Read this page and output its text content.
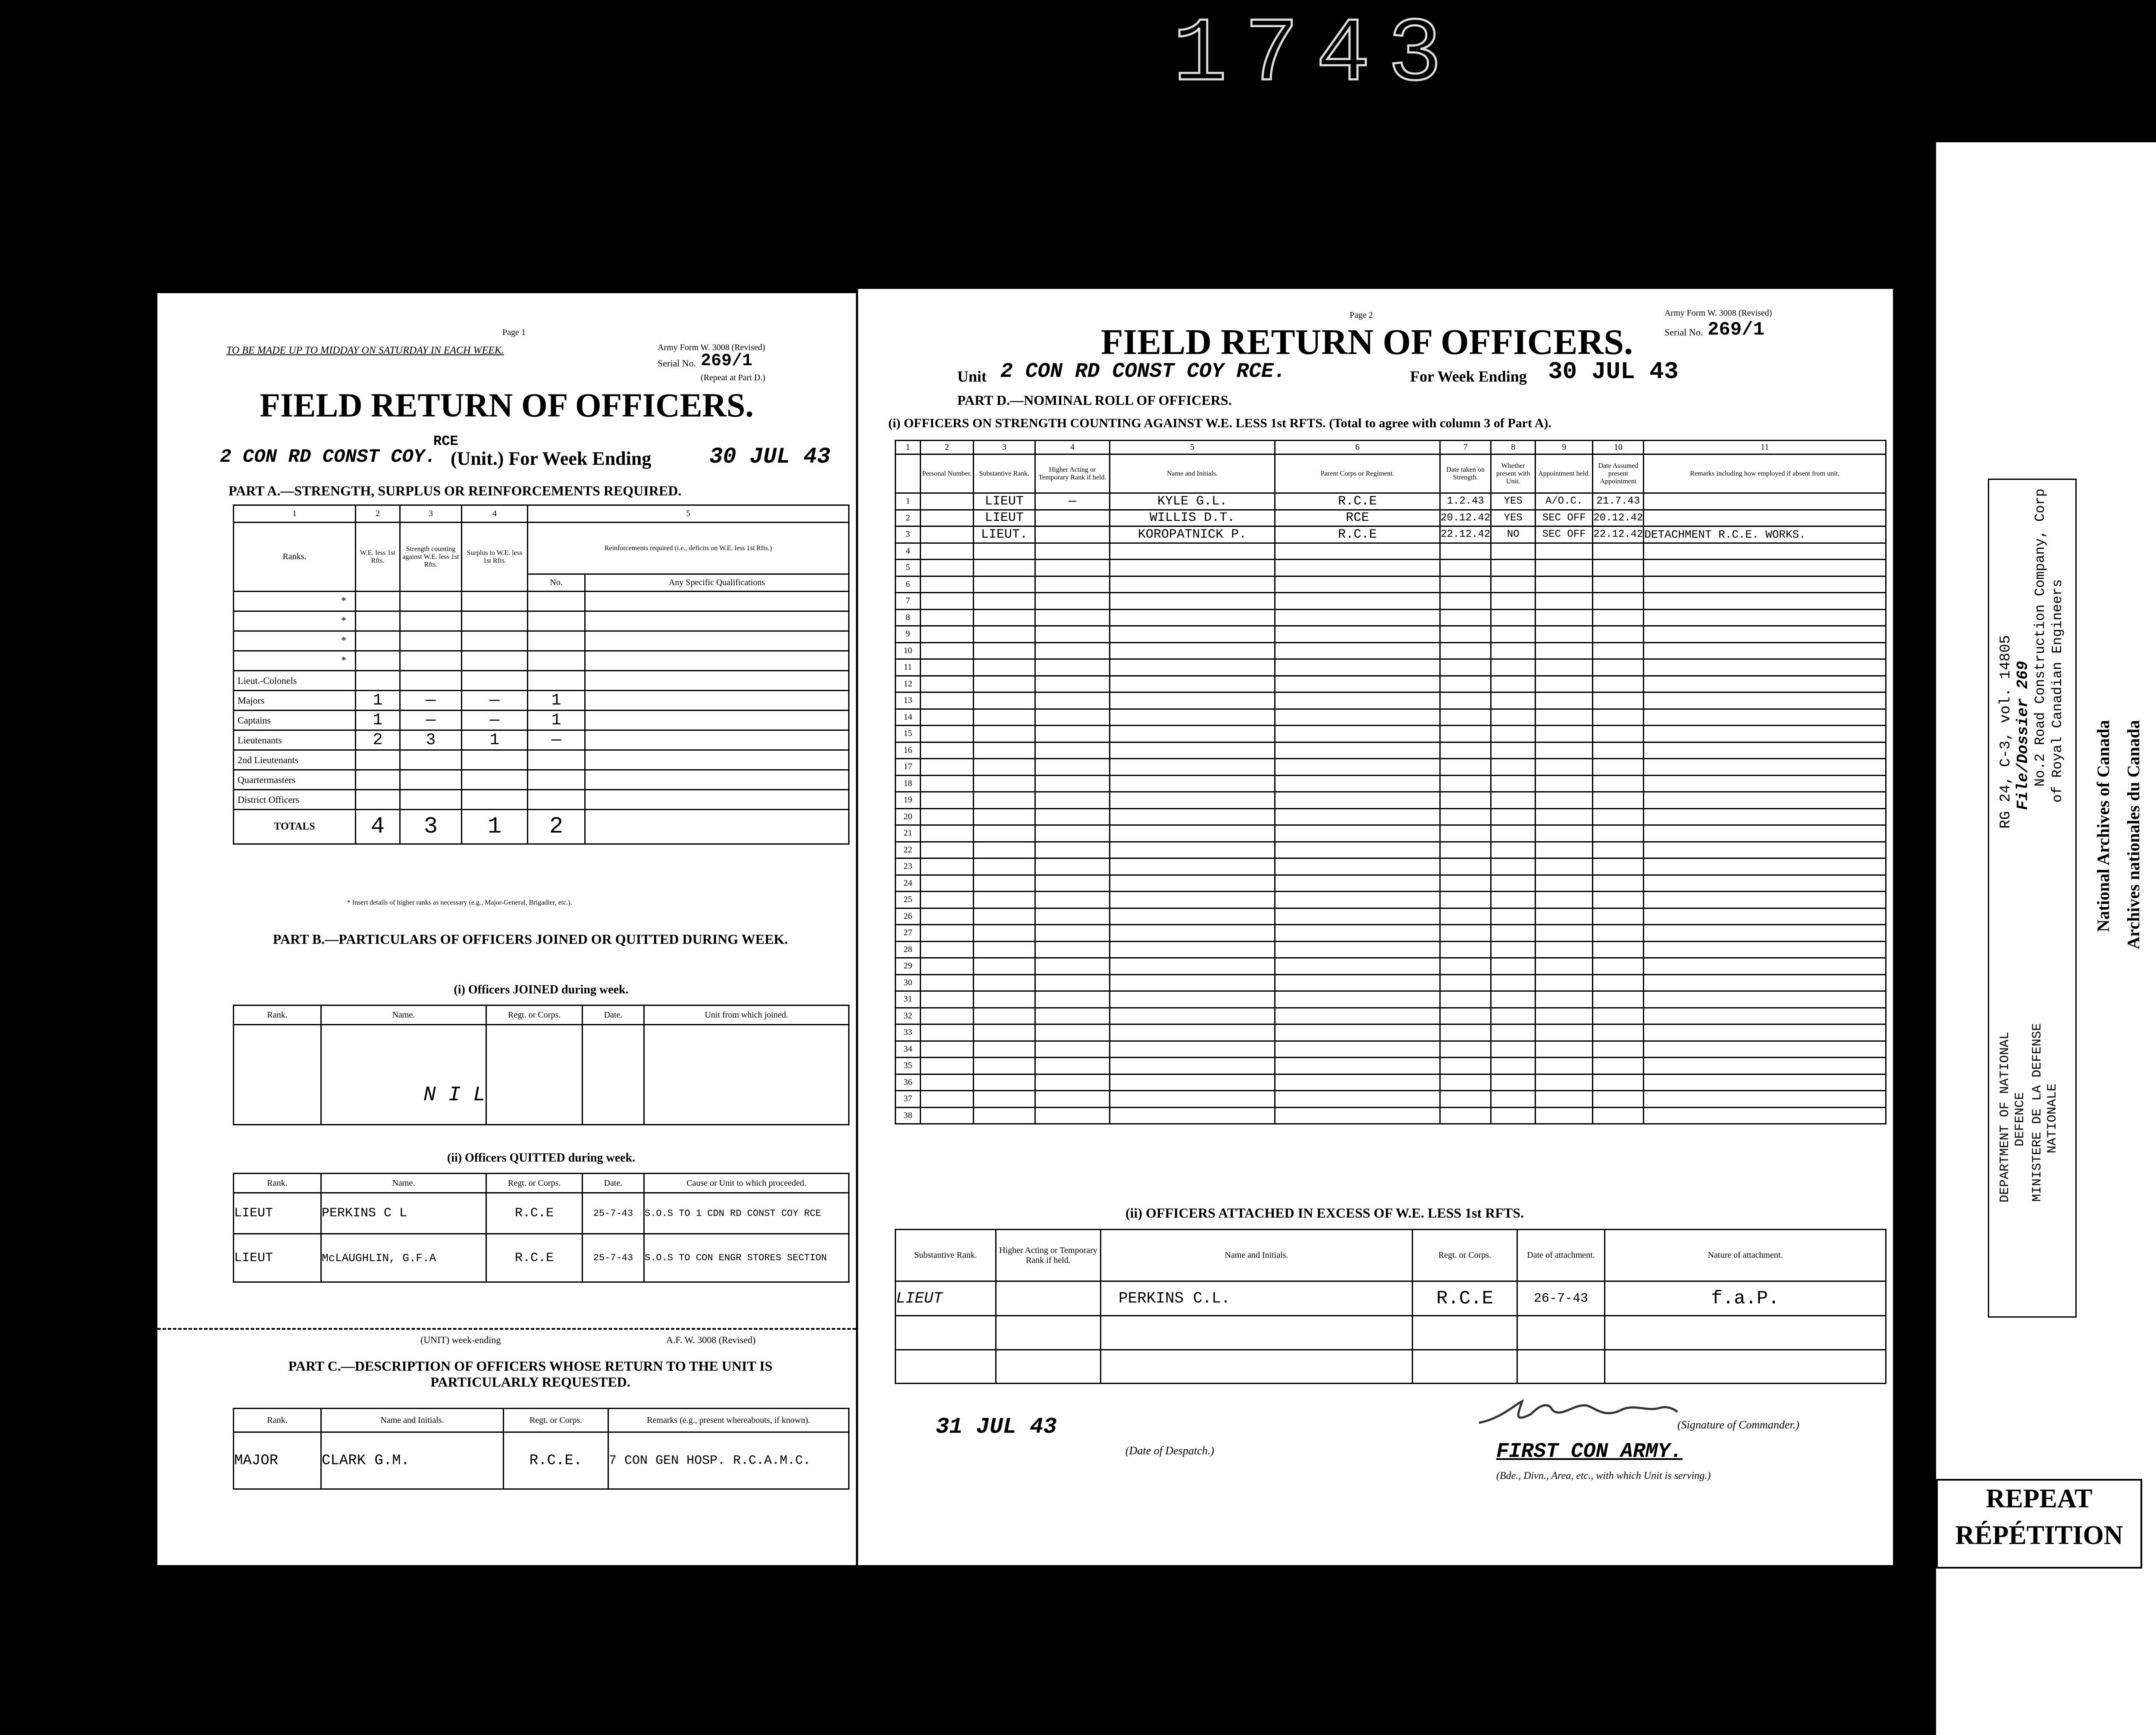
1743
Page 1
TO BE MADE UP TO MIDDAY ON SATURDAY IN EACH WEEK.	Army Form W. 3008 (Revised)
Serial No. 269/1
(Repeat at Part D.)
FIELD RETURN OF OFFICERS.
2 CON RD CONST COY.
RCE
(Unit.) For Week Ending	30 JUL 43
PART A.—STRENGTH, SURPLUS OR REINFORCEMENTS REQUIRED.
1	2	3	4	5	
Ranks.	W.E. less 1st Rfts.	Strength counting against W.E. less 1st Rfts.	Surplus to W.E. less 1st Rfts.	Reinforcements required (i.e., deficits on W.E. less 1st Rfts.)	
				No.	Any Specific Qualifications
*					
*					
*					
*					
Lieut.-Colonels					
Majors	1	—	—	1	
Captains	1	—	—	1	
Lieutenants	2	3	1	—	
2nd Lieutenants					
Quartermasters					
District Officers					
TOTALS	4	3	1	2	
* Insert details of higher ranks as necessary (e.g., Major-General, Brigadier, etc.).
PART B.—PARTICULARS OF OFFICERS JOINED OR QUITTED DURING WEEK.
(i) Officers JOINED during week.
Rank.	Name.	Regt. or Corps.	Date.	Unit from which joined.
	N I L			
(ii) Officers QUITTED during week.
Rank.	Name.	Regt. or Corps.	Date.	Cause or Unit to which proceeded.
LIEUT	PERKINS C L	R.C.E	25-7-43	S.O.S TO 1 CDN RD CONST COY RCE
LIEUT	McLAUGHLIN, G.F.A	R.C.E	25-7-43	S.O.S TO CON ENGR STORES SECTION
(UNIT) week-ending	A.F. W. 3008 (Revised)
PART C.—DESCRIPTION OF OFFICERS WHOSE RETURN TO THE UNIT IS PARTICULARLY REQUESTED.
Rank.	Name and Initials.	Regt. or Corps.	Remarks (e.g., present whereabouts, if known).
MAJOR	CLARK G.M.	R.C.E.	7 CON GEN HOSP. R.C.A.M.C.
Page 2	Army Form W. 3008 (Revised)
Serial No. 269/1
FIELD RETURN OF OFFICERS.
Unit 2 CON RD CONST COY RCE.	For Week Ending 30 JUL 43
PART D.—NOMINAL ROLL OF OFFICERS.
(i) OFFICERS ON STRENGTH COUNTING AGAINST W.E. LESS 1st RFTS. (Total to agree with column 3 of Part A).
1	2	3	4	5	6	7	8	9	10	11
	Personal Number.	Substantive Rank.	Higher Acting or Temporary Rank if held.	Name and Initials.	Parent Corps or Regiment.	Date taken on Strength.	Whether present with Unit.	Appointment held.	Date Assumed present Appointment	Remarks including how employed if absent from unit.
1		LIEUT	—	KYLE G.L.	R.C.E	1.2.43	YES	A/O.C.	21.7.43	
2		LIEUT		WILLIS D.T.	RCE	20.12.42	YES	SEC OFF	20.12.42	
3		LIEUT.		KOROPATNICK P.	R.C.E	22.12.42	NO	SEC OFF	22.12.42	DETACHMENT R.C.E. WORKS.
4										
5										
6										
7										
8										
9										
10										
11										
12										
13										
14										
15										
16										
17										
18										
19										
20										
21										
22										
23										
24										
25										
26										
27										
28										
29										
30										
31										
32										
33										
34										
35										
36										
37										
38										
(ii) OFFICERS ATTACHED IN EXCESS OF W.E. LESS 1st RFTS.
Substantive Rank.	Higher Acting or Temporary Rank if held.	Name and Initials.	Regt. or Corps.	Date of attachment.	Nature of attachment.
LIEUT		PERKINS C.L.	R.C.E	26-7-43	f.a.P.

31 JUL 43
(Date of Despatch.)
(Signature of Commander.)
FIRST CON ARMY.
(Bde., Divn., Area, etc., with which Unit is serving.)
RG 24, C-3, vol. 14805 File/Dossier 269 No.2 Road Construction Company, Corp of Royal Canadian Engineers
DEPARTMENT OF NATIONAL DEFENCE MINISTERE DE LA DEFENSE NATIONALE
National Archives of Canada Archives nationales du Canada
REPEAT
RÉPÉTITION
